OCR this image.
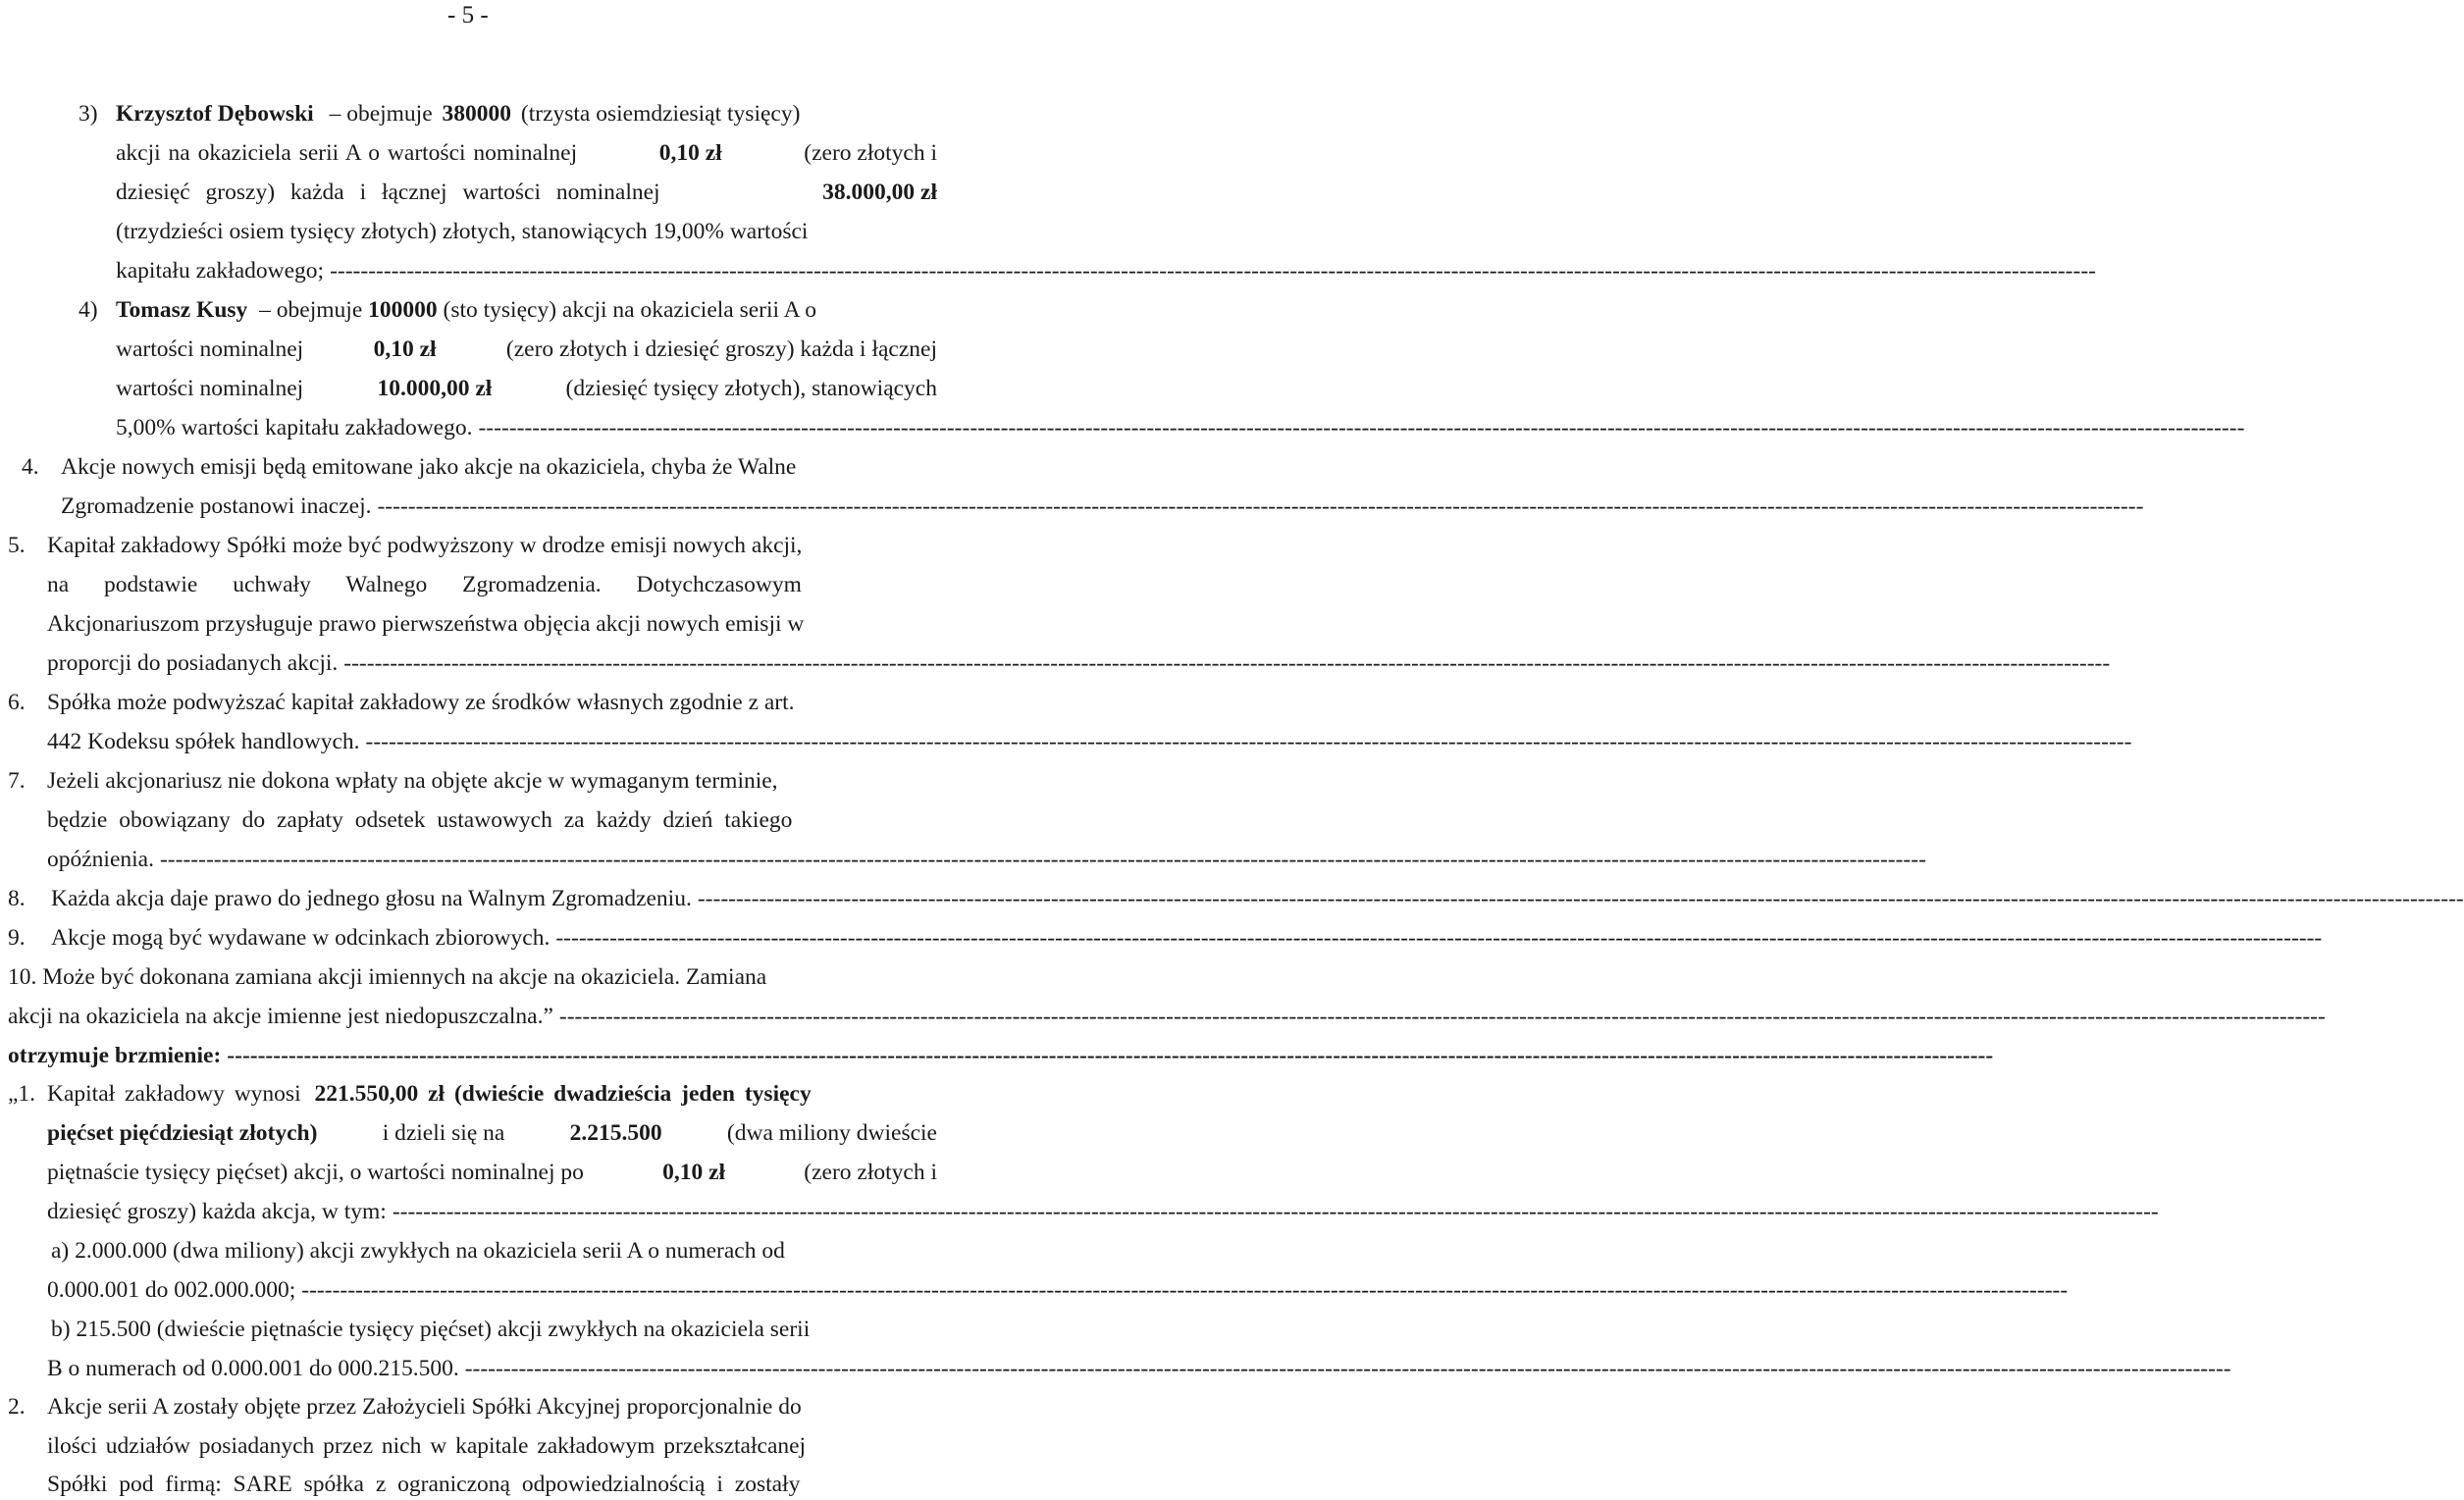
- 5 -
3) Krzysztof Dębowski – obejmuje 380000 (trzysta osiemdziesiąt tysięcy)
akcji na okaziciela serii A o wartości nominalnej	0,10 zł	(zero złotych i
dziesięć groszy) każda i łącznej wartości nominalnej	38.000,00 zł
(trzydzieści osiem tysięcy złotych) złotych, stanowiących 19,00% wartości
kapitału zakładowego; --------------------------------------------------------------------------------------------------------------------------------------------------------------------------------------------------------------------------------------
4) Tomasz Kusy – obejmuje 100000 (sto tysięcy) akcji na okaziciela serii A o
wartości nominalnej	0,10 zł	(zero złotych i dziesięć groszy) każda i łącznej
wartości nominalnej	10.000,00 zł	(dziesięć tysięcy złotych), stanowiących
5,00% wartości kapitału zakładowego. --------------------------------------------------------------------------------------------------------------------------------------------------------------------------------------------------------------------------------------
4. Akcje nowych emisji będą emitowane jako akcje na okaziciela, chyba że Walne
Zgromadzenie postanowi inaczej. --------------------------------------------------------------------------------------------------------------------------------------------------------------------------------------------------------------------------------------
5. Kapitał zakładowy Spółki może być podwyższony w drodze emisji nowych akcji,
na podstawie uchwały Walnego Zgromadzenia. Dotychczasowym
Akcjonariuszom przysługuje prawo pierwszeństwa objęcia akcji nowych emisji w
proporcji do posiadanych akcji. --------------------------------------------------------------------------------------------------------------------------------------------------------------------------------------------------------------------------------------
6. Spółka może podwyższać kapitał zakładowy ze środków własnych zgodnie z art.
442 Kodeksu spółek handlowych. --------------------------------------------------------------------------------------------------------------------------------------------------------------------------------------------------------------------------------------
7. Jeżeli akcjonariusz nie dokona wpłaty na objęte akcje w wymaganym terminie,
będzie obowiązany do zapłaty odsetek ustawowych za każdy dzień takiego
opóźnienia. --------------------------------------------------------------------------------------------------------------------------------------------------------------------------------------------------------------------------------------
8. Każda akcja daje prawo do jednego głosu na Walnym Zgromadzeniu. --------------------------------------------------------------------------------------------------------------------------------------------------------------------------------------------------------------------------------------
9. Akcje mogą być wydawane w odcinkach zbiorowych. --------------------------------------------------------------------------------------------------------------------------------------------------------------------------------------------------------------------------------------
10. Może być dokonana zamiana akcji imiennych na akcje na okaziciela. Zamiana
akcji na okaziciela na akcje imienne jest niedopuszczalna.” --------------------------------------------------------------------------------------------------------------------------------------------------------------------------------------------------------------------------------------
otrzymuje brzmienie: --------------------------------------------------------------------------------------------------------------------------------------------------------------------------------------------------------------------------------------
„1. Kapitał zakładowy wynosi 221.550,00 zł (dwieście dwadzieścia jeden tysięcy
pięćset pięćdziesiąt złotych)	i dzieli się na	2.215.500	(dwa miliony dwieście
piętnaście tysięcy pięćset) akcji, o wartości nominalnej po	0,10 zł	(zero złotych i
dziesięć groszy) każda akcja, w tym: --------------------------------------------------------------------------------------------------------------------------------------------------------------------------------------------------------------------------------------
a) 2.000.000 (dwa miliony) akcji zwykłych na okaziciela serii A o numerach od
0.000.001 do 002.000.000; --------------------------------------------------------------------------------------------------------------------------------------------------------------------------------------------------------------------------------------
b) 215.500 (dwieście piętnaście tysięcy pięćset) akcji zwykłych na okaziciela serii
B o numerach od 0.000.001 do 000.215.500. --------------------------------------------------------------------------------------------------------------------------------------------------------------------------------------------------------------------------------------
2. Akcje serii A zostały objęte przez Założycieli Spółki Akcyjnej proporcjonalnie do
ilości udziałów posiadanych przez nich w kapitale zakładowym przekształcanej
Spółki pod firmą: SARE spółka z ograniczoną odpowiedzialnością i zostały
